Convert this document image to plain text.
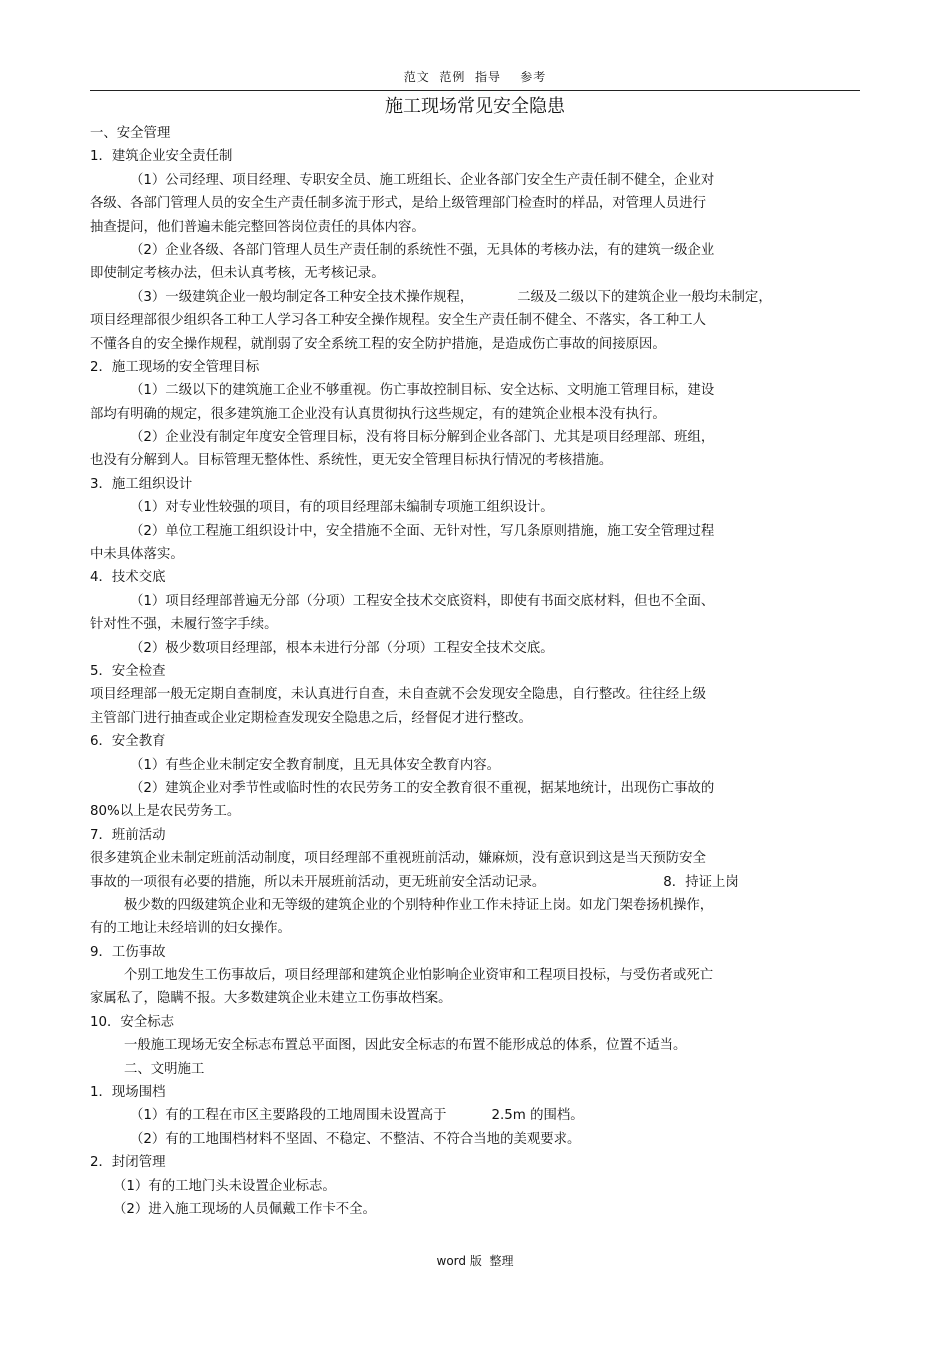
范文  范例  指导    参考
施工现场常见安全隐患
一、安全管理
1．建筑企业安全责任制
（1）公司经理、项目经理、专职安全员、施工班组长、企业各部门安全生产责任制不健全，企业对
各级、各部门管理人员的安全生产责任制多流于形式，是给上级管理部门检查时的样品，对管理人员进行
抽查提问，他们普遍未能完整回答岗位责任的具体内容。
（2）企业各级、各部门管理人员生产责任制的系统性不强，无具体的考核办法，有的建筑一级企业
即使制定考核办法，但未认真考核，无考核记录。
（3）一级建筑企业一般均制定各工种安全技术操作规程，	二级及二级以下的建筑企业一般均未制定，
项目经理部很少组织各工种工人学习各工种安全操作规程。安全生产责任制不健全、不落实，各工种工人
不懂各自的安全操作规程，就削弱了安全系统工程的安全防护措施，是造成伤亡事故的间接原因。
2．施工现场的安全管理目标
（1）二级以下的建筑施工企业不够重视。伤亡事故控制目标、安全达标、文明施工管理目标，建设
部均有明确的规定，很多建筑施工企业没有认真贯彻执行这些规定，有的建筑企业根本没有执行。
（2）企业没有制定年度安全管理目标，没有将目标分解到企业各部门、尤其是项目经理部、班组，
也没有分解到人。目标管理无整体性、系统性，更无安全管理目标执行情况的考核措施。
3．施工组织设计
（1）对专业性较强的项目，有的项目经理部未编制专项施工组织设计。
（2）单位工程施工组织设计中，安全措施不全面、无针对性，写几条原则措施，施工安全管理过程
中未具体落实。
4．技术交底
（1）项目经理部普遍无分部（分项）工程安全技术交底资料，即使有书面交底材料，但也不全面、
针对性不强，未履行签字手续。
（2）极少数项目经理部，根本未进行分部（分项）工程安全技术交底。
5．安全检查
项目经理部一般无定期自查制度，未认真进行自查，未自查就不会发现安全隐患，自行整改。往往经上级
主管部门进行抽查或企业定期检查发现安全隐患之后，经督促才进行整改。
6．安全教育
（1）有些企业未制定安全教育制度，且无具体安全教育内容。
（2）建筑企业对季节性或临时性的农民劳务工的安全教育很不重视，据某地统计，出现伤亡事故的
80%以上是农民劳务工。
7．班前活动
很多建筑企业未制定班前活动制度，项目经理部不重视班前活动，嫌麻烦，没有意识到这是当天预防安全
事故的一项很有必要的措施，所以未开展班前活动，更无班前安全活动记录。	8．持证上岗
极少数的四级建筑企业和无等级的建筑企业的个别特种作业工作未持证上岗。如龙门架卷扬机操作，
有的工地让未经培训的妇女操作。
9．工伤事故
个别工地发生工伤事故后，项目经理部和建筑企业怕影响企业资审和工程项目投标，与受伤者或死亡
家属私了，隐瞒不报。大多数建筑企业未建立工伤事故档案。
10．安全标志
一般施工现场无安全标志布置总平面图，因此安全标志的布置不能形成总的体系，位置不适当。
二、文明施工
1．现场围档
（1）有的工程在市区主要路段的工地周围未设置高于	2.5m 的围档。
（2）有的工地围档材料不坚固、不稳定、不整洁、不符合当地的美观要求。
2．封闭管理
（1）有的工地门头未设置企业标志。
（2）进入施工现场的人员佩戴工作卡不全。
word 版 整理
